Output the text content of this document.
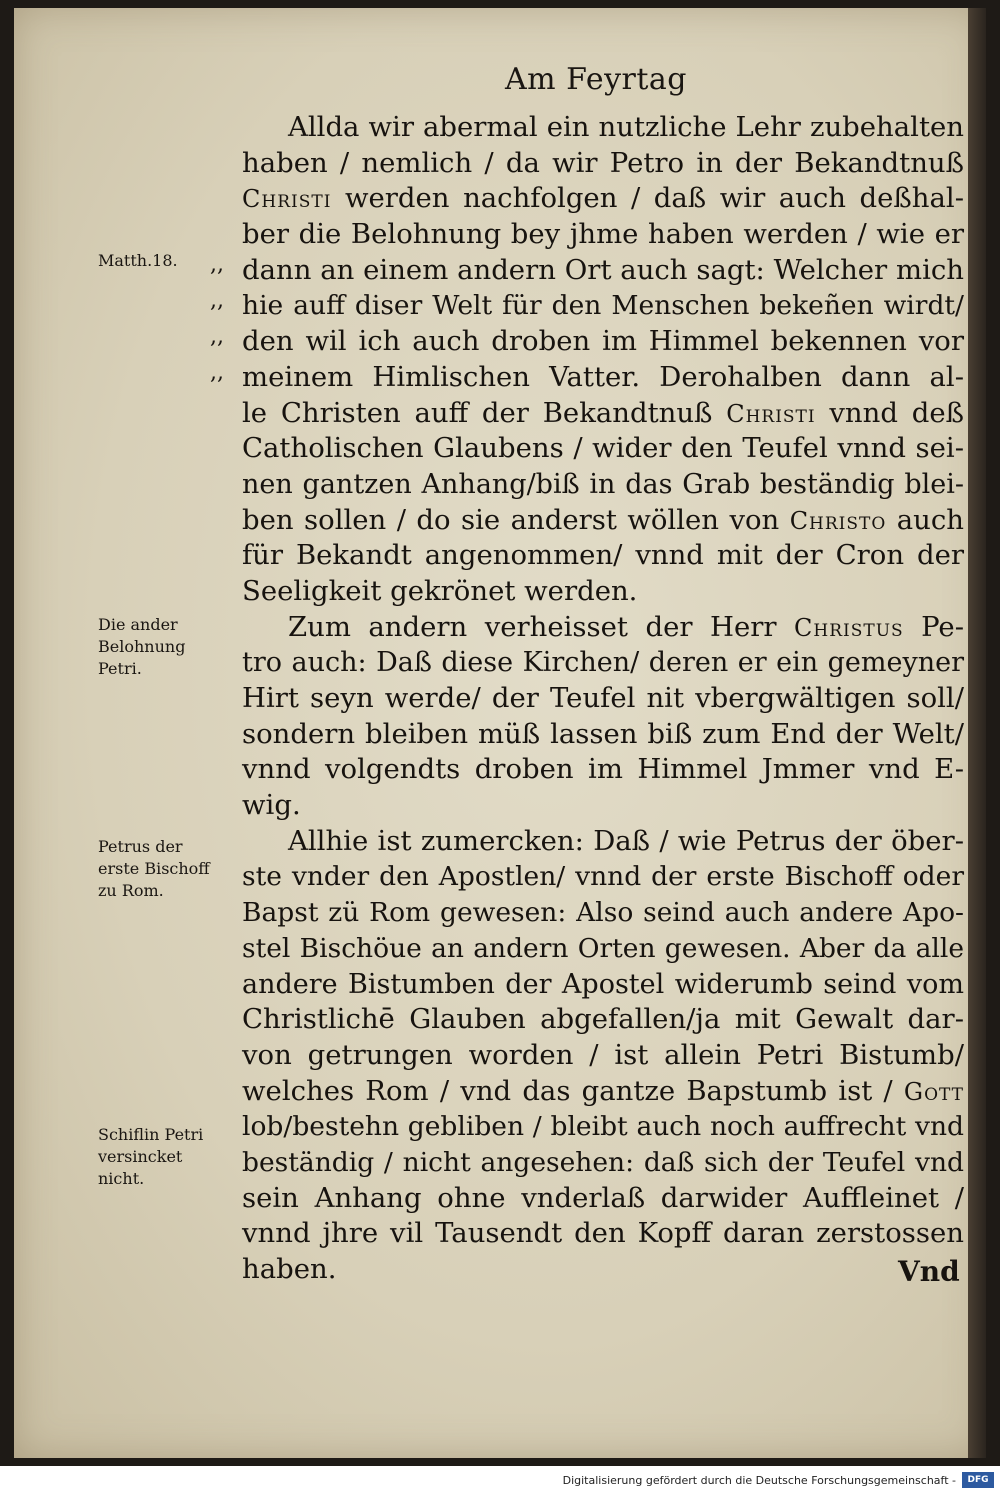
Am Feyrtag
Allda wir abermal ein nutzliche Lehr zubehalten
haben / nemlich / da wir Petro in der Bekandtnuß
Christi werden nachfolgen / daß wir auch deßhal-
ber die Belohnung bey jhme haben werden / wie er
dann an einem andern Ort auch sagt: Welcher mich
hie auff diser Welt für den Menschen bekeñen wirdt/
den wil ich auch droben im Himmel bekennen vor
meinem Himlischen Vatter. Derohalben dann al-
le Christen auff der Bekandtnuß Christi vnnd deß
Catholischen Glaubens / wider den Teufel vnnd sei-
nen gantzen Anhang/biß in das Grab beständig blei-
ben sollen / do sie anderst wöllen von Christo auch
für Bekandt angenommen/ vnnd mit der Cron der
Seeligkeit gekrönet werden.
Zum andern verheisset der Herr Christus Pe-
tro auch: Daß diese Kirchen/ deren er ein gemeyner
Hirt seyn werde/ der Teufel nit vbergwältigen soll/
sondern bleiben müß lassen biß zum End der Welt/
vnnd volgendts droben im Himmel Jmmer vnd E-
wig.
Allhie ist zumercken: Daß / wie Petrus der öber-
ste vnder den Apostlen/ vnnd der erste Bischoff oder
Bapst zü Rom gewesen: Also seind auch andere Apo-
stel Bischöue an andern Orten gewesen. Aber da alle
andere Bistumben der Apostel widerumb seind vom
Christlichē Glauben abgefallen/ja mit Gewalt dar-
von getrungen worden / ist allein Petri Bistumb/
welches Rom / vnd das gantze Bapstumb ist / Gott
lob/bestehn gebliben / bleibt auch noch auffrecht vnd
beständig / nicht angesehen: daß sich der Teufel vnd
sein Anhang ohne vnderlaß darwider Auffleinet /
vnnd jhre vil Tausendt den Kopff daran zerstossen
haben.
Matth.18.	,,
,,
,,
,,
Die ander Belohnung Petri.
Petrus der erste Bischoff zu Rom.
Schiflin Petri versincket nicht.
Vnd
Digitalisierung gefördert durch die Deutsche Forschungsgemeinschaft -	DFG
